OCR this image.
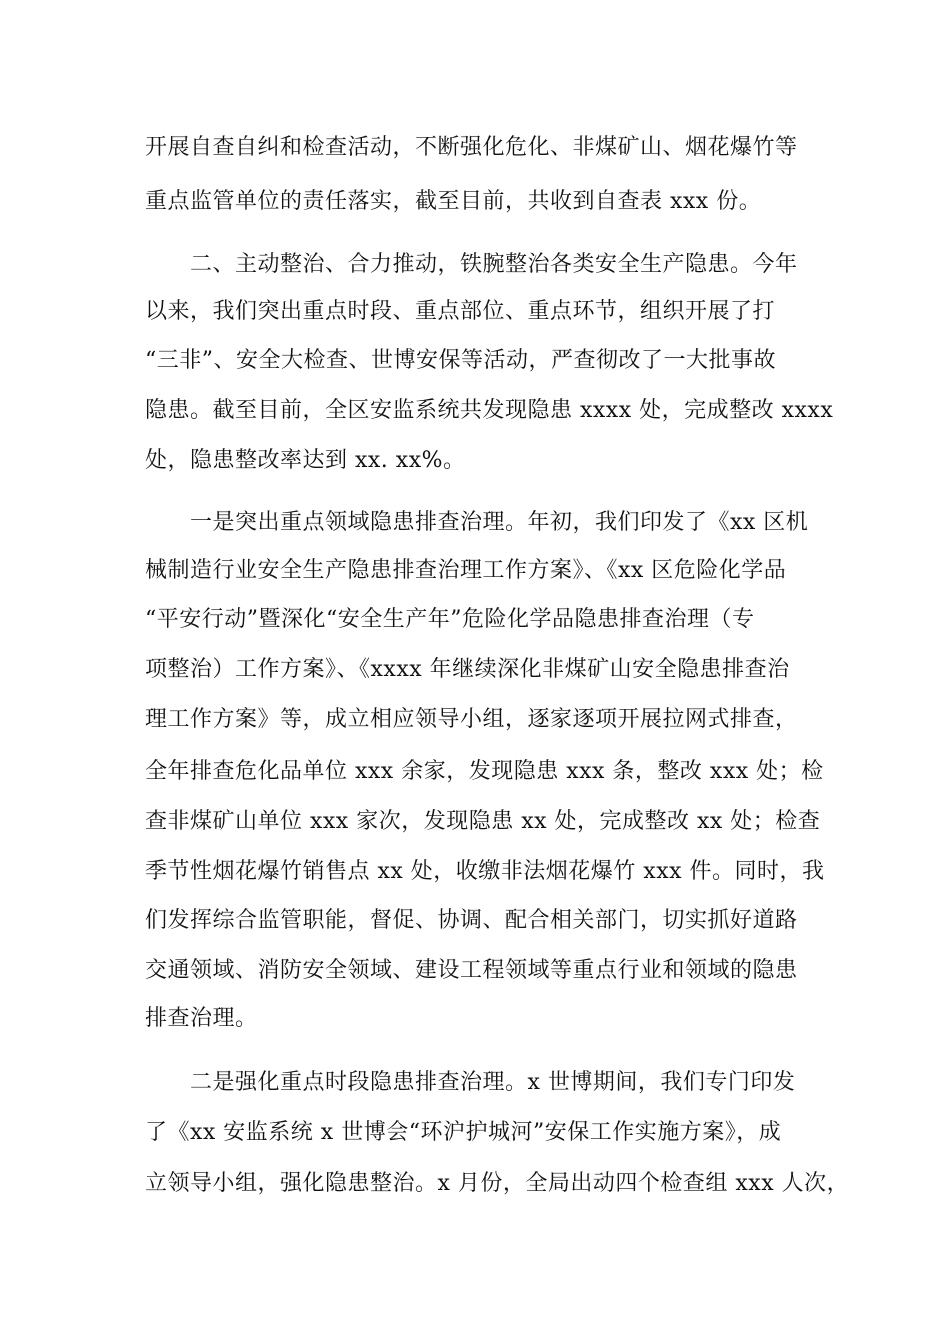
开展自查自纠和检查活动，不断强化危化、非煤矿山、烟花爆竹等

重点监管单位的责任落实，截至目前，共收到自查表 xxx 份。

二、主动整治、合力推动，铁腕整治各类安全生产隐患。今年

以来，我们突出重点时段、重点部位、重点环节，组织开展了打

“三非”、安全大检查、世博安保等活动，严查彻改了一大批事故

隐患。截至目前，全区安监系统共发现隐患 xxxx 处，完成整改 xxxx

处，隐患整改率达到 xx. xx%。

一是突出重点领域隐患排查治理。年初，我们印发了《xx 区机

械制造行业安全生产隐患排查治理工作方案》、《xx 区危险化学品

“平安行动”暨深化“安全生产年”危险化学品隐患排查治理（专

项整治）工作方案》、《xxxx 年继续深化非煤矿山安全隐患排查治

理工作方案》等，成立相应领导小组，逐家逐项开展拉网式排查，

全年排查危化品单位 xxx 余家，发现隐患 xxx 条，整改 xxx 处；检

查非煤矿山单位 xxx 家次，发现隐患 xx 处，完成整改 xx 处；检查

季节性烟花爆竹销售点 xx 处，收缴非法烟花爆竹 xxx 件。同时，我

们发挥综合监管职能，督促、协调、配合相关部门，切实抓好道路

交通领域、消防安全领域、建设工程领域等重点行业和领域的隐患

排查治理。

二是强化重点时段隐患排查治理。x 世博期间，我们专门印发

了《xx 安监系统 x 世博会“环沪护城河”安保工作实施方案》，成

立领导小组，强化隐患整治。x 月份，全局出动四个检查组 xxx 人次，
